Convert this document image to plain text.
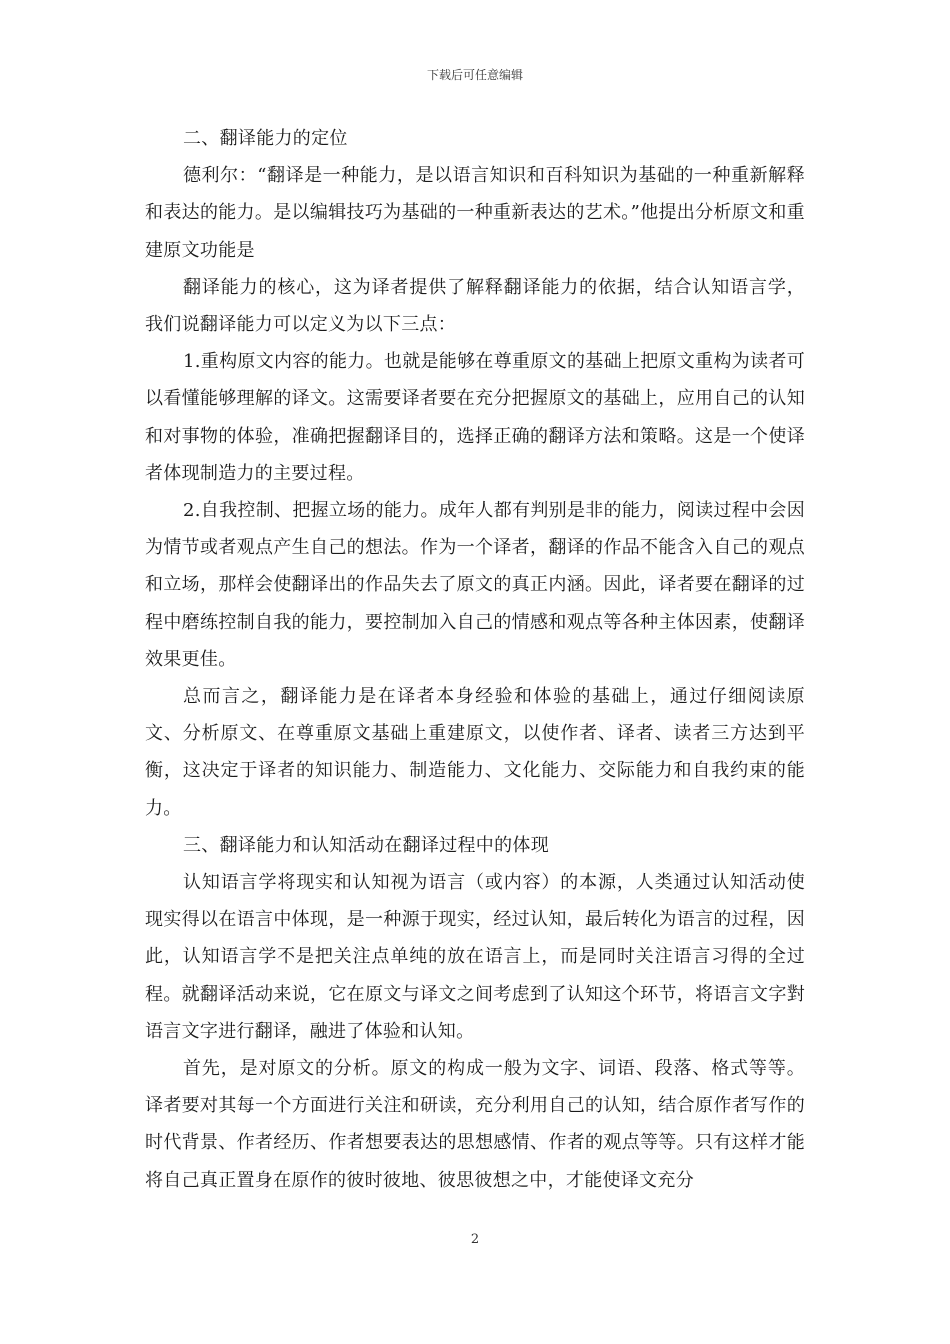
下载后可任意编辑

二、翻译能力的定位

德利尔：“翻译是一种能力，是以语言知识和百科知识为基础的一种重新解释和表达的能力。是以编辑技巧为基础的一种重新表达的艺术。”他提出分析原文和重建原文功能是

翻译能力的核心，这为译者提供了解释翻译能力的依据，结合认知语言学，我们说翻译能力可以定义为以下三点：

1.重构原文内容的能力。也就是能够在尊重原文的基础上把原文重构为读者可以看懂能够理解的译文。这需要译者要在充分把握原文的基础上，应用自己的认知和对事物的体验，准确把握翻译目的，选择正确的翻译方法和策略。这是一个使译者体现制造力的主要过程。

2.自我控制、把握立场的能力。成年人都有判别是非的能力，阅读过程中会因为情节或者观点产生自己的想法。作为一个译者，翻译的作品不能含入自己的观点和立场，那样会使翻译出的作品失去了原文的真正内涵。因此，译者要在翻译的过程中磨练控制自我的能力，要控制加入自己的情感和观点等各种主体因素，使翻译效果更佳。

总而言之，翻译能力是在译者本身经验和体验的基础上，通过仔细阅读原文、分析原文、在尊重原文基础上重建原文，以使作者、译者、读者三方达到平衡，这决定于译者的知识能力、制造能力、文化能力、交际能力和自我约束的能力。

三、翻译能力和认知活动在翻译过程中的体现

认知语言学将现实和认知视为语言（或内容）的本源，人类通过认知活动使现实得以在语言中体现，是一种源于现实，经过认知，最后转化为语言的过程，因此，认知语言学不是把关注点单纯的放在语言上，而是同时关注语言习得的全过程。就翻译活动来说，它在原文与译文之间考虑到了认知这个环节，将语言文字對语言文字进行翻译，融进了体验和认知。

首先，是对原文的分析。原文的构成一般为文字、词语、段落、格式等等。译者要对其每一个方面进行关注和研读，充分利用自己的认知，结合原作者写作的时代背景、作者经历、作者想要表达的思想感情、作者的观点等等。只有这样才能将自己真正置身在原作的彼时彼地、彼思彼想之中，才能使译文充分

2
